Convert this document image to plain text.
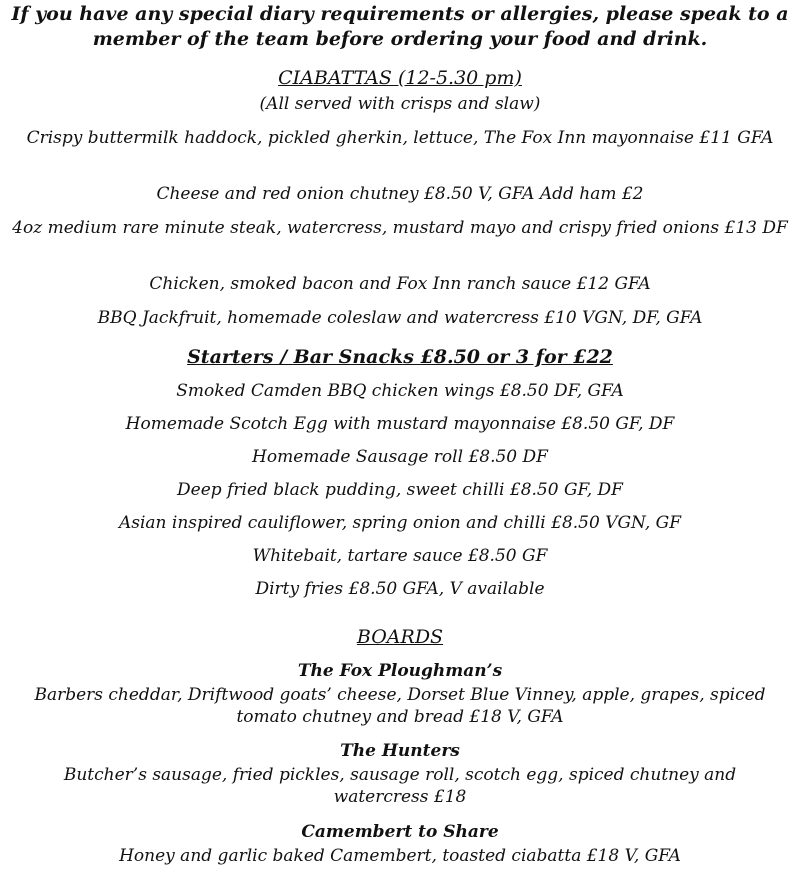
If you have any special diary requirements or allergies, please speak to a member of the team before ordering your food and drink.

CIABATTAS (12-5.30 pm)
(All served with crisps and slaw)
Crispy buttermilk haddock, pickled gherkin, lettuce, The Fox Inn mayonnaise £11 GFA
Cheese and red onion chutney £8.50 V, GFA Add ham £2
4oz medium rare minute steak, watercress, mustard mayo and crispy fried onions £13 DF
Chicken, smoked bacon and Fox Inn ranch sauce £12 GFA
BBQ Jackfruit, homemade coleslaw and watercress £10 VGN, DF, GFA
Starters / Bar Snacks £8.50 or 3 for £22
Smoked Camden BBQ chicken wings £8.50 DF, GFA
Homemade Scotch Egg with mustard mayonnaise £8.50 GF, DF
Homemade Sausage roll £8.50 DF
Deep fried black pudding, sweet chilli £8.50 GF, DF
Asian inspired cauliflower, spring onion and chilli £8.50 VGN, GF
Whitebait, tartare sauce £8.50 GF
Dirty fries £8.50 GFA, V available
BOARDS
The Fox Ploughman’s
Barbers cheddar, Driftwood goats’ cheese, Dorset Blue Vinney, apple, grapes, spiced tomato chutney and bread £18 V, GFA
The Hunters
Butcher’s sausage, fried pickles, sausage roll, scotch egg, spiced chutney and watercress £18
Camembert to Share
Honey and garlic baked Camembert, toasted ciabatta £18 V, GFA
